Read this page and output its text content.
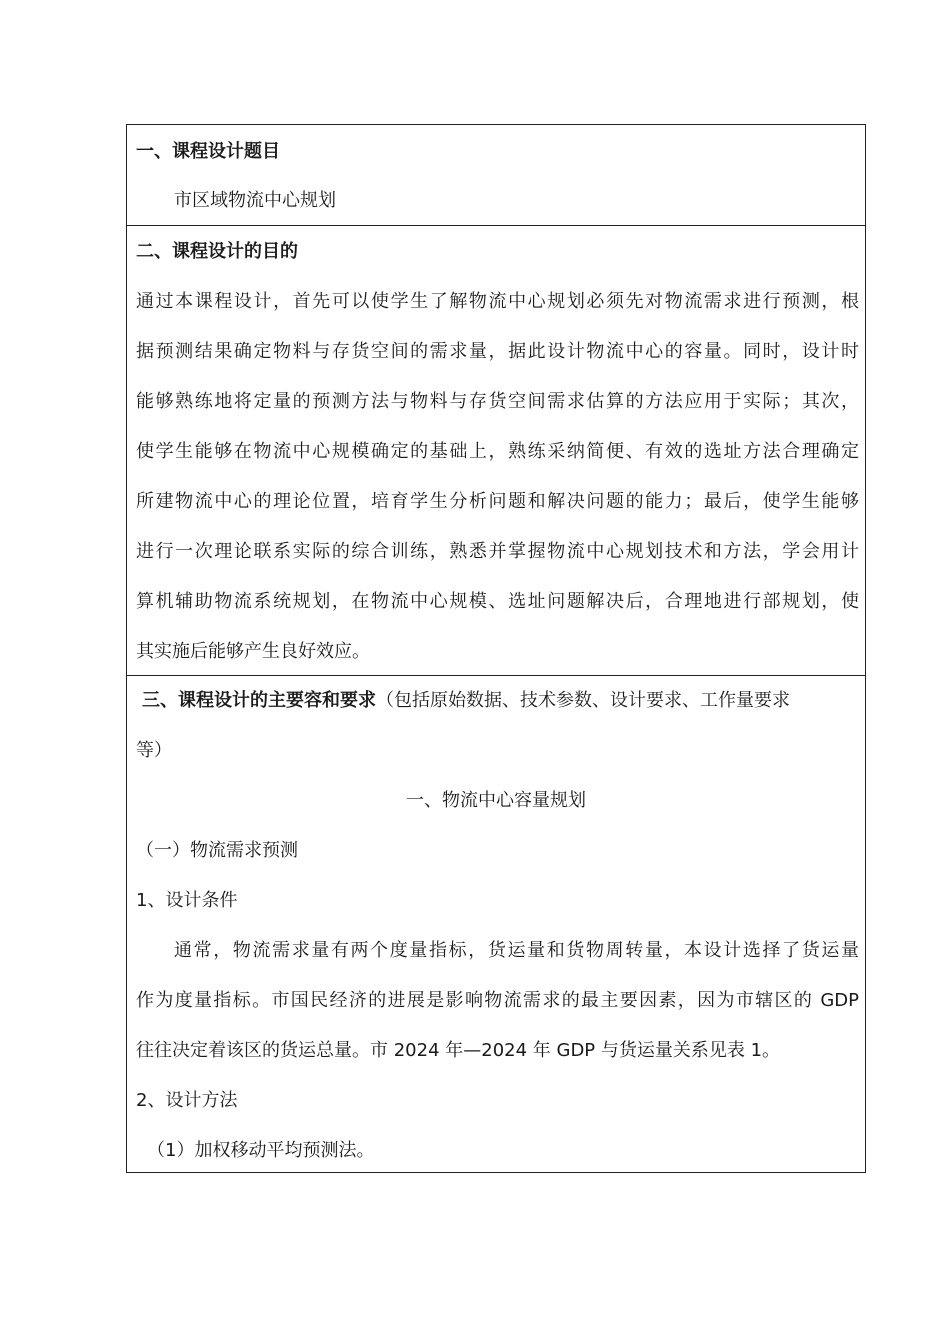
一、课程设计题目
市区域物流中心规划
二、课程设计的目的
通过本课程设计，首先可以使学生了解物流中心规划必须先对物流需求进行预测，根
据预测结果确定物料与存货空间的需求量，据此设计物流中心的容量。同时，设计时
能够熟练地将定量的预测方法与物料与存货空间需求估算的方法应用于实际；其次，
使学生能够在物流中心规模确定的基础上，熟练采纳简便、有效的选址方法合理确定
所建物流中心的理论位置，培育学生分析问题和解决问题的能力；最后，使学生能够
进行一次理论联系实际的综合训练，熟悉并掌握物流中心规划技术和方法，学会用计
算机辅助物流系统规划，在物流中心规模、选址问题解决后，合理地进行部规划，使
其实施后能够产生良好效应。
三、课程设计的主要容和要求（包括原始数据、技术参数、设计要求、工作量要求
等）
一、物流中心容量规划
（一）物流需求预测
1、设计条件
通常，物流需求量有两个度量指标，货运量和货物周转量，本设计选择了货运量
作为度量指标。市国民经济的进展是影响物流需求的最主要因素，因为市辖区的 GDP
往往决定着该区的货运总量。市 2024 年—2024 年 GDP 与货运量关系见表 1。
2、设计方法
（1）加权移动平均预测法。
